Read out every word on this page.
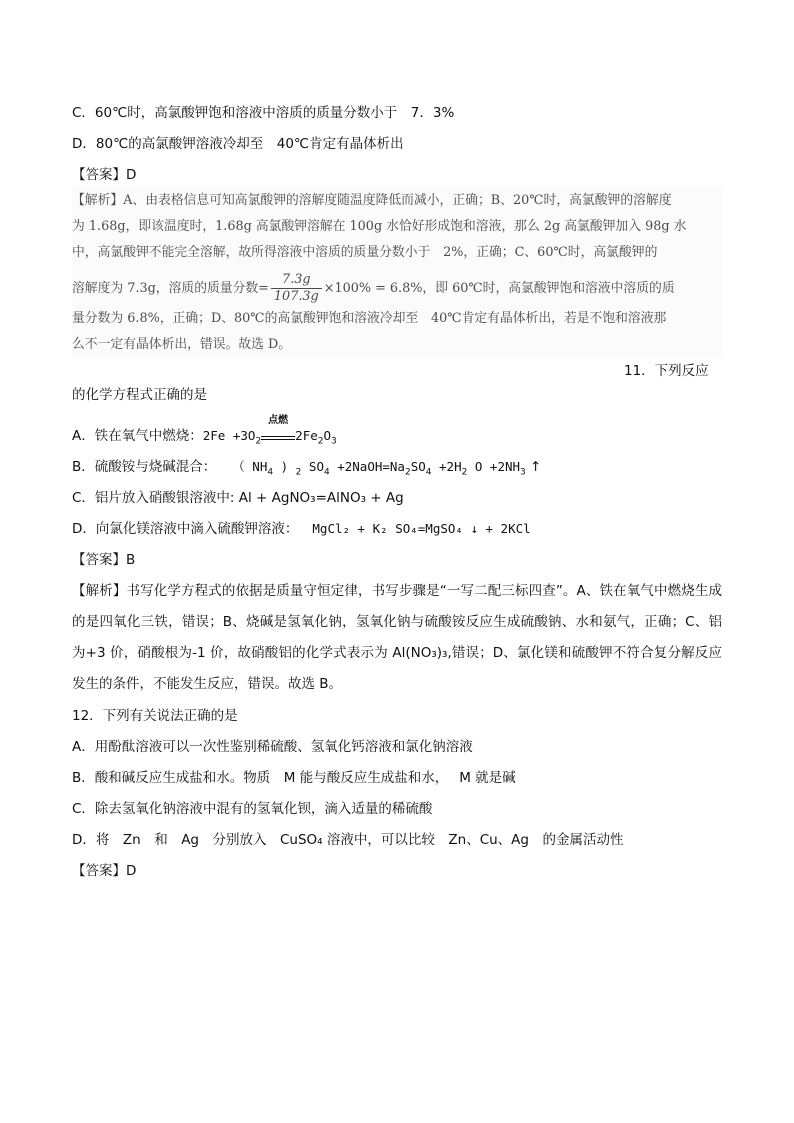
C．60℃时，高氯酸钾饱和溶液中溶质的质量分数小于　7．3%
D．80℃的高氯酸钾溶液冷却至　40℃肯定有晶体析出
【答案】D
【解析】A、由表格信息可知高氯酸钾的溶解度随温度降低而减小，正确；B、20℃时，高氯酸钾的溶解度
为 1.68g，即该温度时，1.68g 高氯酸钾溶解在 100g 水恰好形成饱和溶液，那么 2g 高氯酸钾加入 98g 水
中，高氯酸钾不能完全溶解，故所得溶液中溶质的质量分数小于　2%，正确；C、60℃时，高氯酸钾的
溶解度为 7.3g，溶质的质量分数= $\frac{7.3g}{107.3g} \times 100\% = 6.8\%$，即 60℃时，高氯酸钾饱和溶液中溶质的质
量分数为 6.8%，正确；D、80℃的高氯酸钾饱和溶液冷却至　40℃肯定有晶体析出，若是不饱和溶液那
么不一定有晶体析出，错误。故选 D。
11．下列反应
的化学方程式正确的是
A．铁在氧气中燃烧：$2Fe +3O_2$
点燃
$2Fe_2O_3$
B．硫酸铵与烧碱混合： （ $NH_4$ ) $_2$ $SO_4$ $+2NaOH=Na_2SO_4 +2H_2$ $O +2NH_3$ ↑
C．铝片放入硝酸银溶液中: Al + AgNO₃=AlNO₃ + Ag
D．向氯化镁溶液中滴入硫酸钾溶液： MgCl₂ + K₂ SO₄=MgSO₄ ↓ + 2KCl
【答案】B
【解析】书写化学方程式的依据是质量守恒定律，书写步骤是“一写二配三标四查”。A、铁在氧气中燃烧生成的是四氧化三铁，错误；B、烧碱是氢氧化钠，氢氧化钠与硫酸铵反应生成硫酸钠、水和氨气，正确；C、铝为+3 价，硝酸根为-1 价，故硝酸铝的化学式表示为 Al(NO₃)₃,错误；D、氯化镁和硫酸钾不符合复分解反应发生的条件，不能发生反应，错误。故选 B。
12．下列有关说法正确的是
A．用酚酞溶液可以一次性鉴别稀硫酸、氢氧化钙溶液和氯化钠溶液
B．酸和碱反应生成盐和水。物质　M 能与酸反应生成盐和水，　 M 就是碱
C．除去氢氧化钠溶液中混有的氢氧化钡，滴入适量的稀硫酸
D．将　Zn　和　Ag　分别放入　CuSO₄ 溶液中，可以比较　Zn、Cu、Ag　的金属活动性
【答案】D
